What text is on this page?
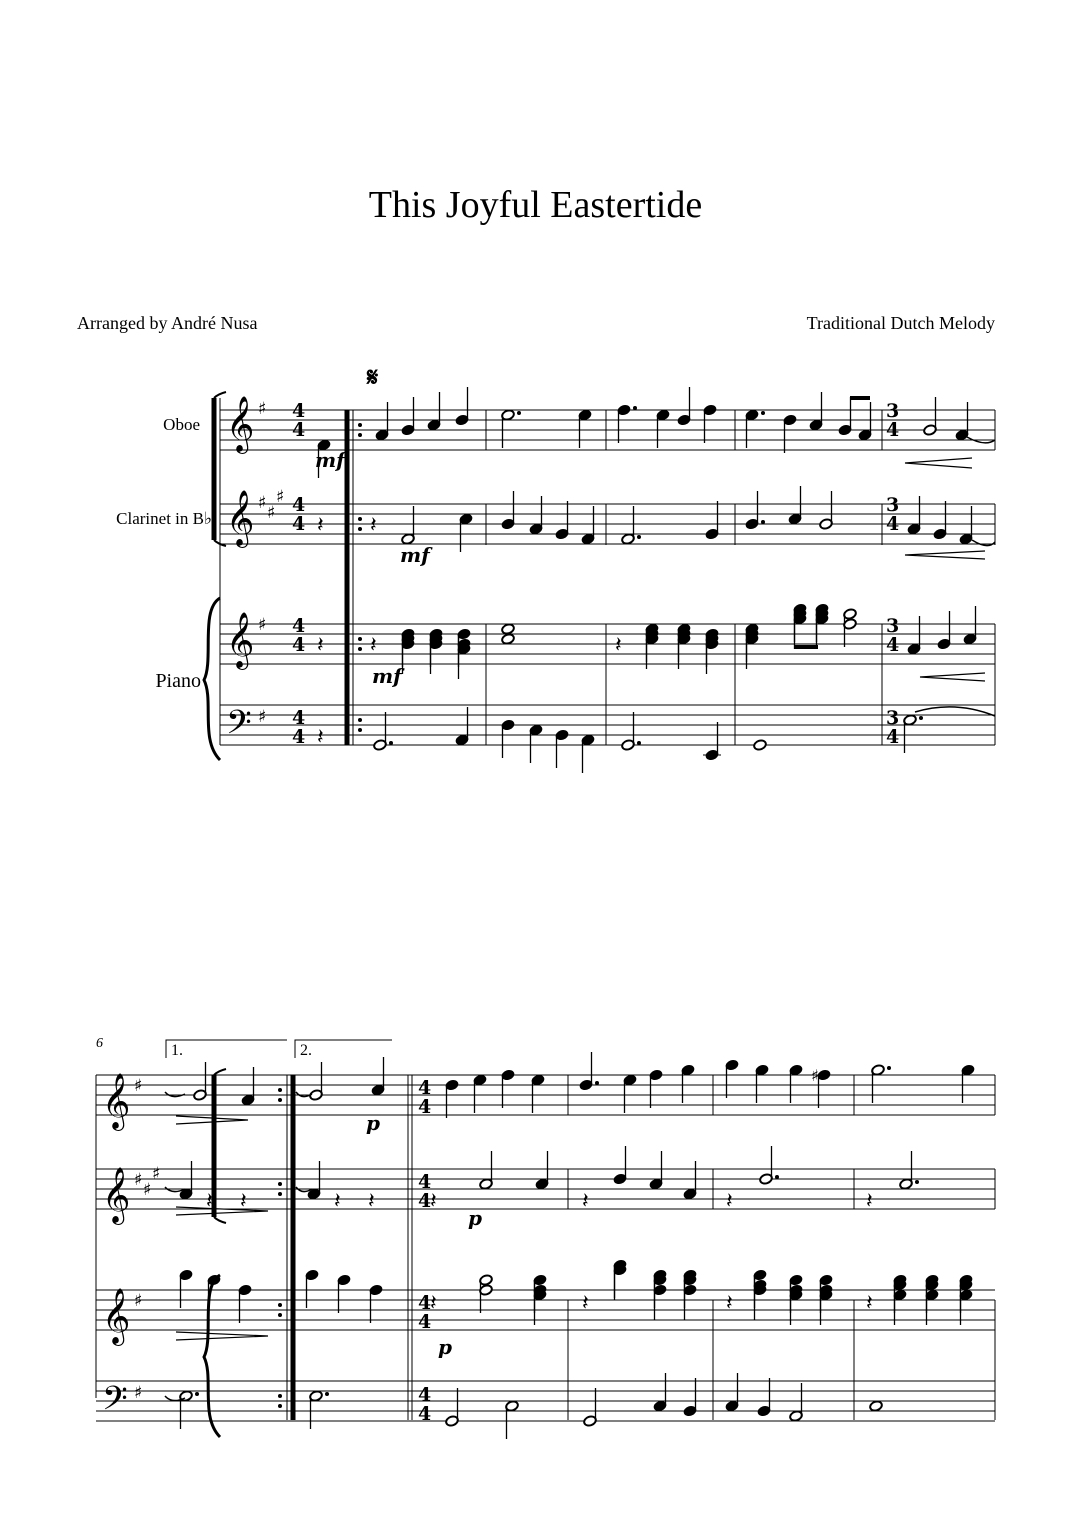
This Joyful Eastertide
Arranged by André Nusa	Traditional Dutch Melody
Oboe
Clarinet in B♭
Piano
𝄞
𝄞
𝄞
𝄢
♯
♯ ♯
♯
♯
♯
4
4
4
4
4
4
4
4
3
4
3
4
3
4
3
4
𝄋
♯
𝄽 𝄽
𝄽 𝄽	𝄽
𝄽
𝄽 𝄽	𝄽 𝄽	𝄽	𝄽	𝄽	𝄽
𝄽	𝄽	𝄽	𝄽
mf
mf
mf
6	1.	2.
𝄞
𝄞
𝄞
𝄢
♯
♯ ♯
♯
♯
♯
4
4
4
4
4
4
4
4
p
p
p
